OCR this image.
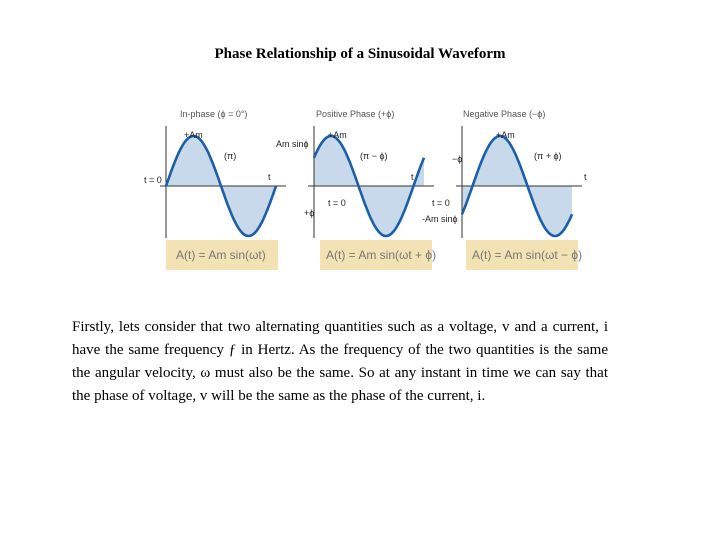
Phase Relationship of a Sinusoidal Waveform
In-phase (ϕ = 0°)
+Am
(π)
t
t = 0
A(t) = Am sin(ωt)
Positive Phase (+ϕ)
+Am
(π − ϕ)
t
t = 0
Am sinϕ
+ϕ
A(t) = Am sin(ωt + ϕ)
Negative Phase (−ϕ)
+Am
(π + ϕ)
t
t = 0
-Am sinϕ
−ϕ
A(t) = Am sin(ωt − ϕ)

Firstly, lets consider that two alternating quantities such as a voltage, v and a current, i have the same frequency ƒ in Hertz. As the frequency of the two quantities is the same the angular velocity, ω must also be the same. So at any instant in time we can say that the phase of voltage, v will be the same as the phase of the current, i.
